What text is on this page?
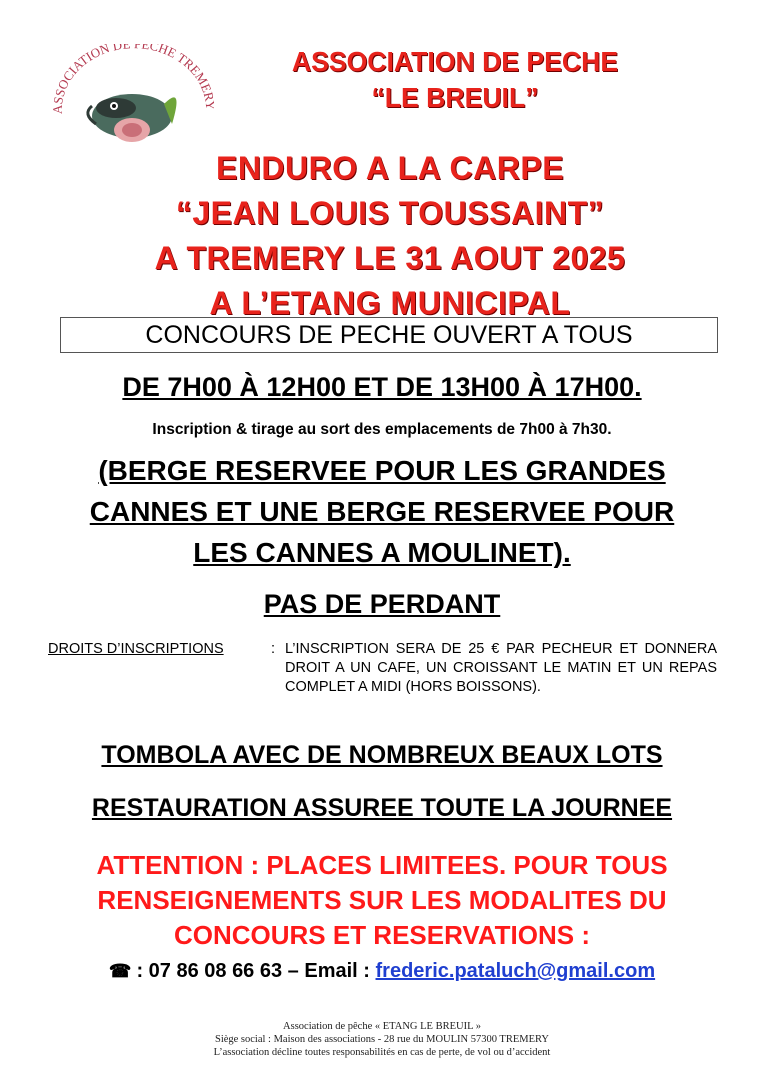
ASSOCIATION DE ÊCHE TREME
ASSOCIATION DE PECHE
“LE BREUIL”
ENDURO A LA CARPE
“JEAN LOUIS TOUSSAINT”
A TREMERY LE 31 AOUT 2025
A L’ETANG MUNICIPAL
CONCOURS DE PECHE OUVERT A TOUS
DE 7H00 À 12H00 ET DE 13H00 À 17H00.
Inscription & tirage au sort des emplacements de 7h00 à 7h30.
(BERGE RESERVEE POUR LES GRANDES
CANNES ET UNE BERGE RESERVEE POUR
LES CANNES A MOULINET).
PAS DE PERDANT
DROITS D’INSCRIPTIONS	: L’INSCRIPTION SERA DE 25 € PAR PECHEUR ET DONNERA DROIT A UN CAFE, UN CROISSANT LE MATIN ET UN REPAS COMPLET A MIDI (HORS BOISSONS).
TOMBOLA AVEC DE NOMBREUX BEAUX LOTS
RESTAURATION ASSUREE TOUTE LA JOURNEE
ATTENTION : PLACES LIMITEES. POUR TOUS
RENSEIGNEMENTS SUR LES MODALITES DU
CONCOURS ET RESERVATIONS :
☎ : 07 86 08 66 63 – Email : frederic.pataluch@gmail.com
Association de pêche « ETANG LE BREUIL »
Siège social : Maison des associations - 28 rue du MOULIN 57300 TREMERY
L’association décline toutes responsabilités en cas de perte, de vol ou d’accident
